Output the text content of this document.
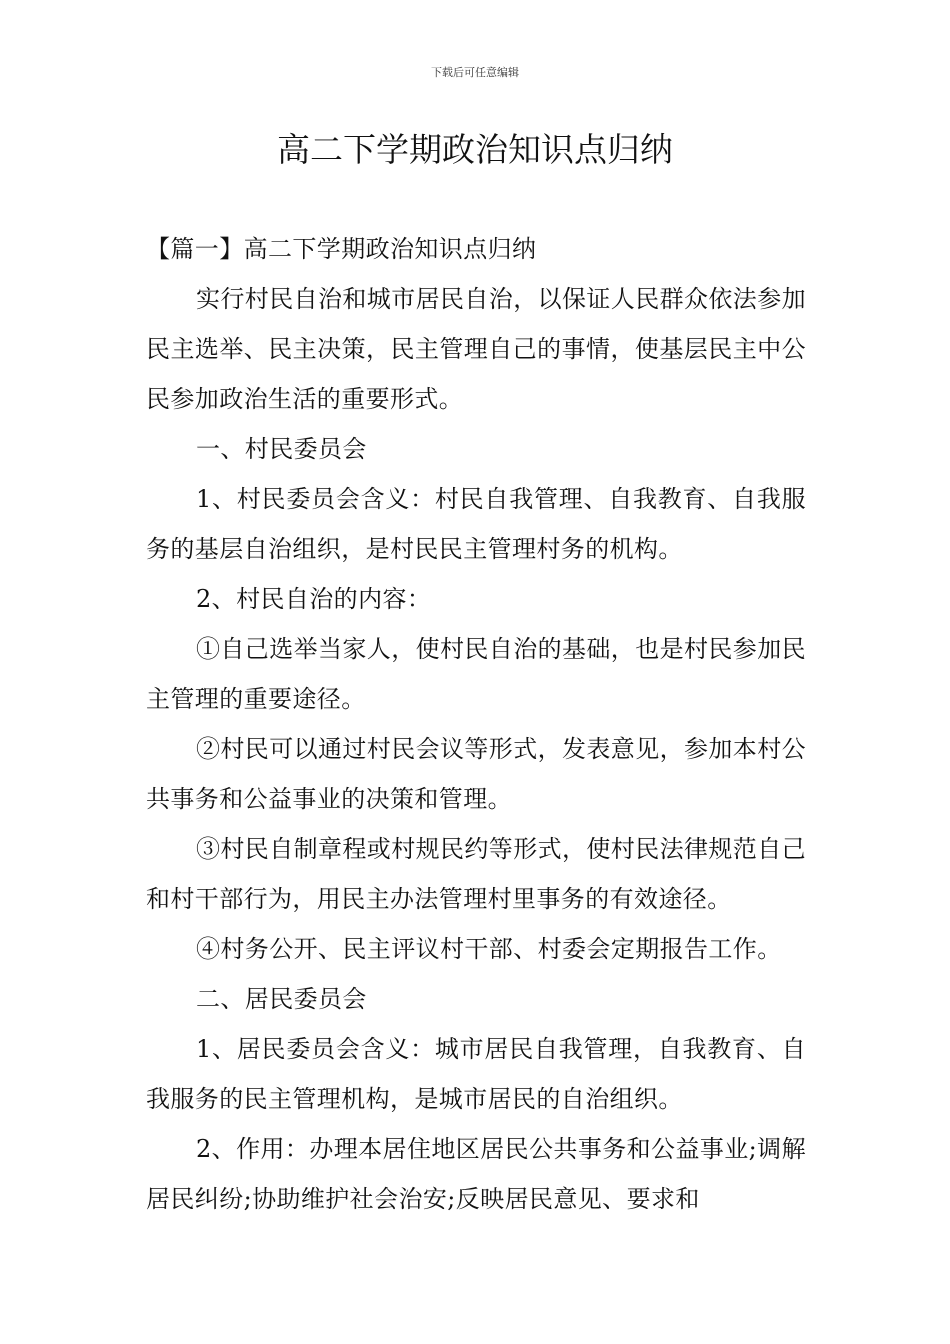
下载后可任意编辑
高二下学期政治知识点归纳

【篇一】高二下学期政治知识点归纳

实行村民自治和城市居民自治，以保证人民群众依法参加民主选举、民主决策，民主管理自己的事情，使基层民主中公民参加政治生活的重要形式。

一、村民委员会

1、村民委员会含义：村民自我管理、自我教育、自我服务的基层自治组织，是村民民主管理村务的机构。

2、村民自治的内容：

①自己选举当家人，使村民自治的基础，也是村民参加民主管理的重要途径。

②村民可以通过村民会议等形式，发表意见，参加本村公共事务和公益事业的决策和管理。

③村民自制章程或村规民约等形式，使村民法律规范自己和村干部行为，用民主办法管理村里事务的有效途径。

④村务公开、民主评议村干部、村委会定期报告工作。

二、居民委员会

1、居民委员会含义：城市居民自我管理，自我教育、自我服务的民主管理机构，是城市居民的自治组织。

2、作用：办理本居住地区居民公共事务和公益事业;调解居民纠纷;协助维护社会治安;反映居民意见、要求和
